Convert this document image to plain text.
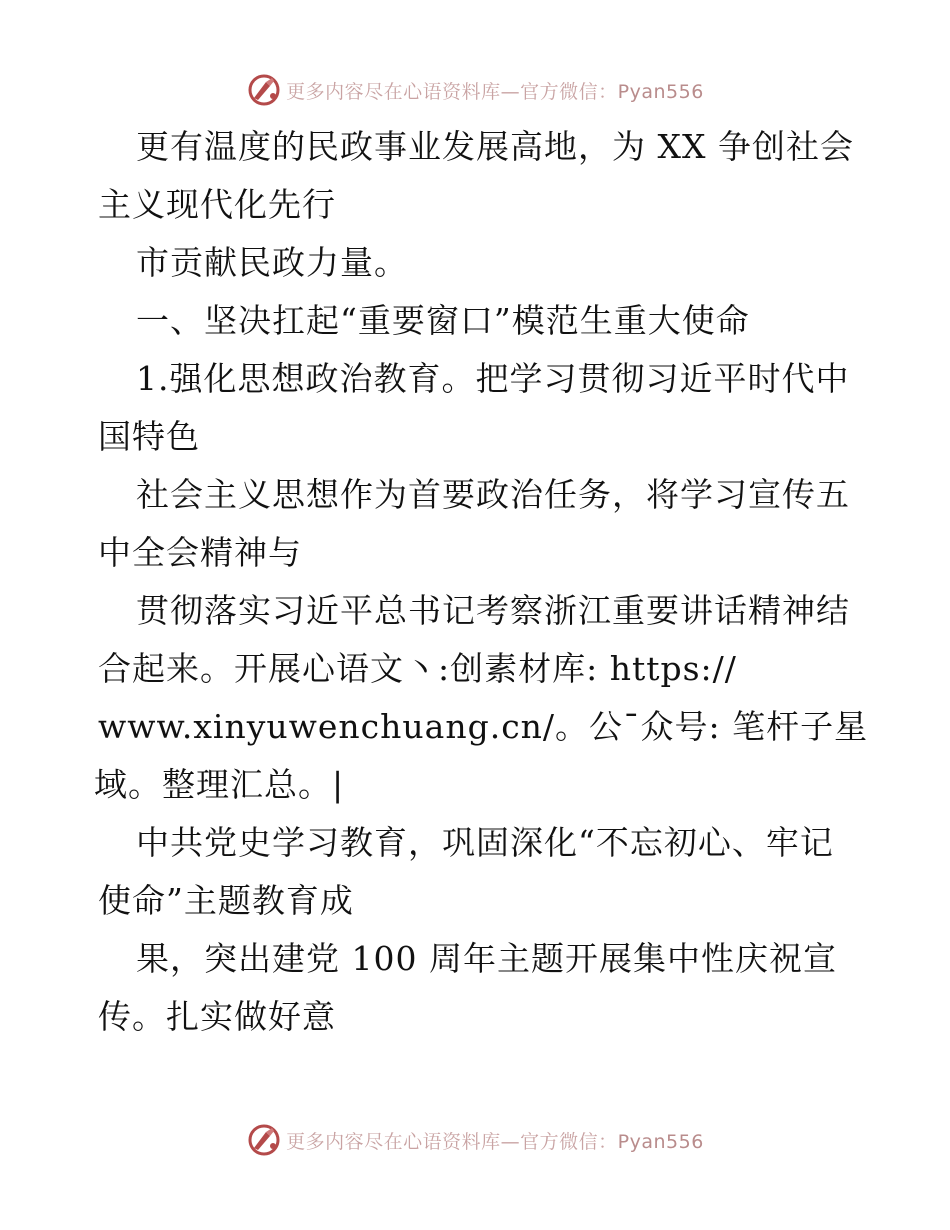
更多内容尽在心语资料库—官方微信：Pyan556
更有温度的民政事业发展高地，为 XX 争创社会
主义现代化先行
市贡献民政力量。
一、坚决扛起“重要窗口”模范生重大使命
1.强化思想政治教育。把学习贯彻习近平时代中
国特色
社会主义思想作为首要政治任务，将学习宣传五
中全会精神与
贯彻落实习近平总书记考察浙江重要讲话精神结
合起来。开展心语文丶:创素材库: https://
www.xinyuwenchuang.cn/。公¯众号: 笔杆子星
域。整理汇总。|
中共党史学习教育，巩固深化“不忘初心、牢记
使命”主题教育成
果，突出建党 100 周年主题开展集中性庆祝宣
传。扎实做好意
更多内容尽在心语资料库—官方微信：Pyan556
